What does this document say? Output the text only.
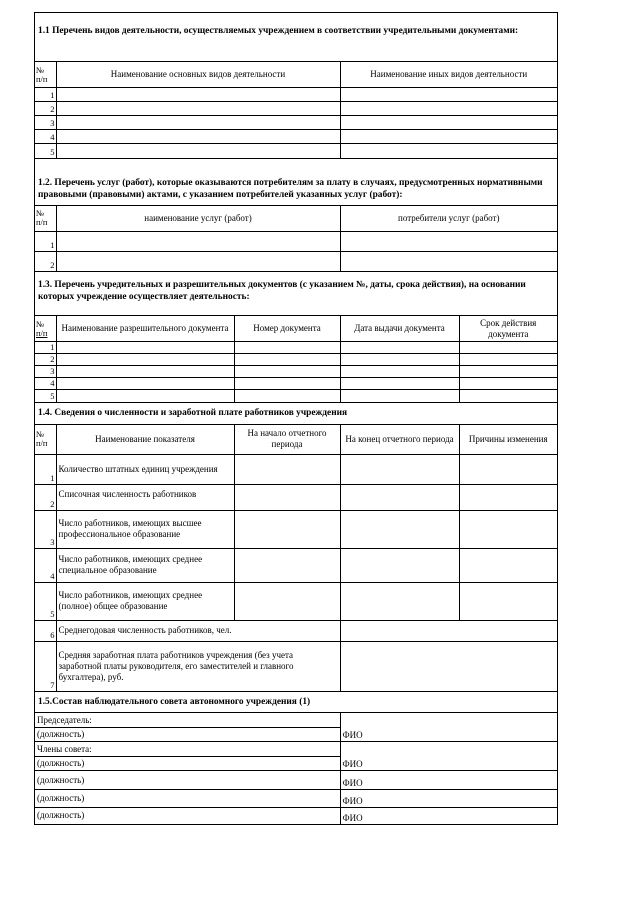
1.1 Перечень видов деятельности, осуществляемых учреждением в соответствии учредительными документами:
№
п/п	Наименование основных видов деятельности	Наименование иных видов деятельности
1		
2		
3		
4		
5		
1.2. Перечень услуг (работ), которые оказываются потребителям за плату в случаях, предусмотренных нормативными правовыми (правовыми) актами, с указанием потребителей указанных услуг (работ):
№
п/п	наименование услуг (работ)	потребители услуг (работ)
1		
2		
1.3. Перечень учредительных и разрешительных документов (с указанием №, даты, срока действия), на основании которых учреждение осуществляет деятельность:
№
п/п	Наименование разрешительного документа	Номер документа	Дата выдачи документа	Срок действия документа
1				
2				
3				
4				
5				
1.4. Сведения о численности и заработной плате работников учреждения
№
п/п	Наименование показателя	На начало отчетного периода	На конец отчетного периода	Причины изменения
1	Количество штатных единиц учреждения			
2	Списочная численность работников			
3	Число работников, имеющих высшее профессиональное образование			
4	Число работников, имеющих среднее специальное образование			
5	Число работников, имеющих среднее (полное) общее образование			
6	Среднегодовая численность работников, чел.			
7	Средняя заработная плата работников учреждения (без учета заработной платы руководителя, его заместителей и главного бухгалтера), руб.			
1.5.Состав наблюдательного совета автономного учреждения (1)
Председатель:	ФИО
(должность)	
Члены совета:	ФИО
(должность)	
(должность)	ФИО
(должность)	ФИО
(должность)	ФИО
